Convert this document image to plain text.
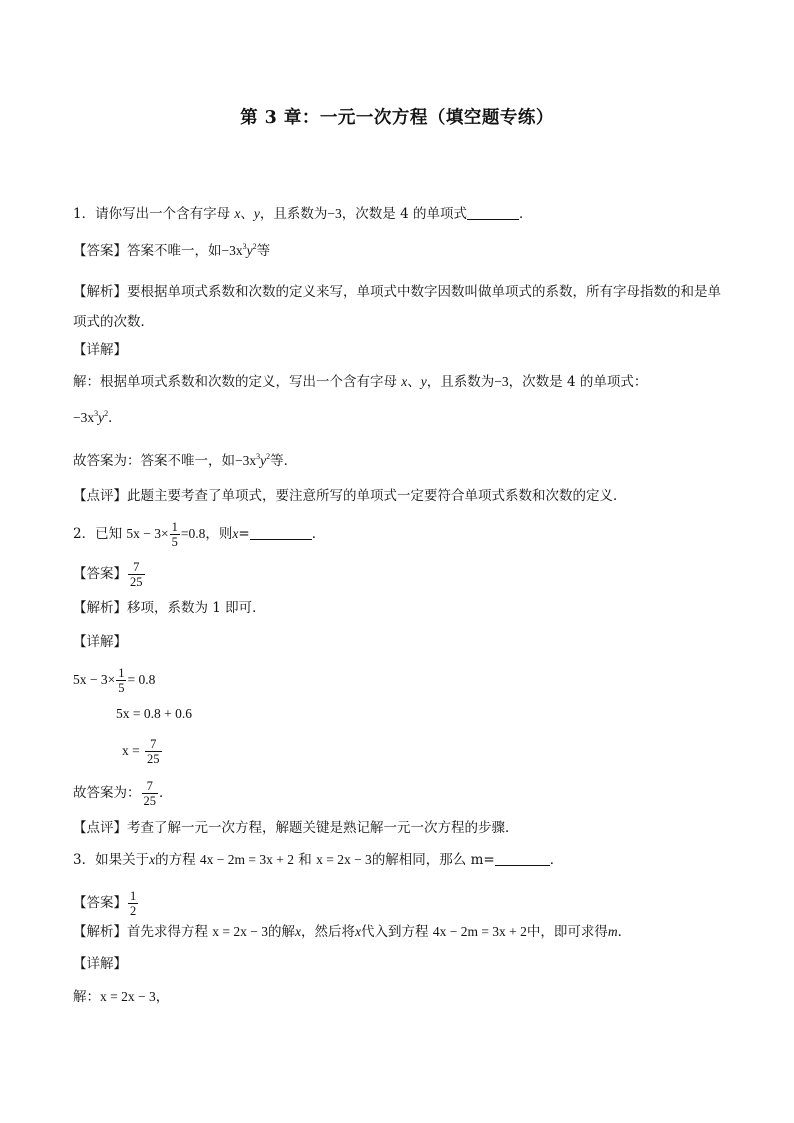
第 3 章：一元一次方程（填空题专练）
1．请你写出一个含有字母 x、y，且系数为−3，次数是 4 的单项式	．
【答案】答案不唯一，如$-3x^3y^2$等
【解析】要根据单项式系数和次数的定义来写，单项式中数字因数叫做单项式的系数，所有字母指数的和是单项式的次数．
【详解】
解：根据单项式系数和次数的定义，写出一个含有字母 x、y，且系数为−3，次数是 4 的单项式：
$-3x^3y^2$．
故答案为：答案不唯一，如$-3x^3y^2$等．
【点评】此题主要考查了单项式，要注意所写的单项式一定要符合单项式系数和次数的定义．
2．已知 $5x - 3\times \frac{1}{5} =0.8$，则x=	．
【答案】 $\frac{7}{25}$
【解析】移项，系数为 1 即可．
【详解】
$5x - 3\times \frac{1}{5} = 0.8$
5x = 0.8 + 0.6
$x = \frac{7}{25}$
故答案为： $\frac{7}{25}$ ．
【点评】考查了解一元一次方程，解题关键是熟记解一元一次方程的步骤．
3．如果关于x的方程 4x − 2m = 3x + 2 和 x = 2x − 3的解相同，那么 m=	．
【答案】 $\frac{1}{2}$
【解析】首先求得方程 x = 2x − 3的解x，然后将x代入到方程 4x − 2m = 3x + 2中，即可求得m．
【详解】
解：x = 2x − 3，
